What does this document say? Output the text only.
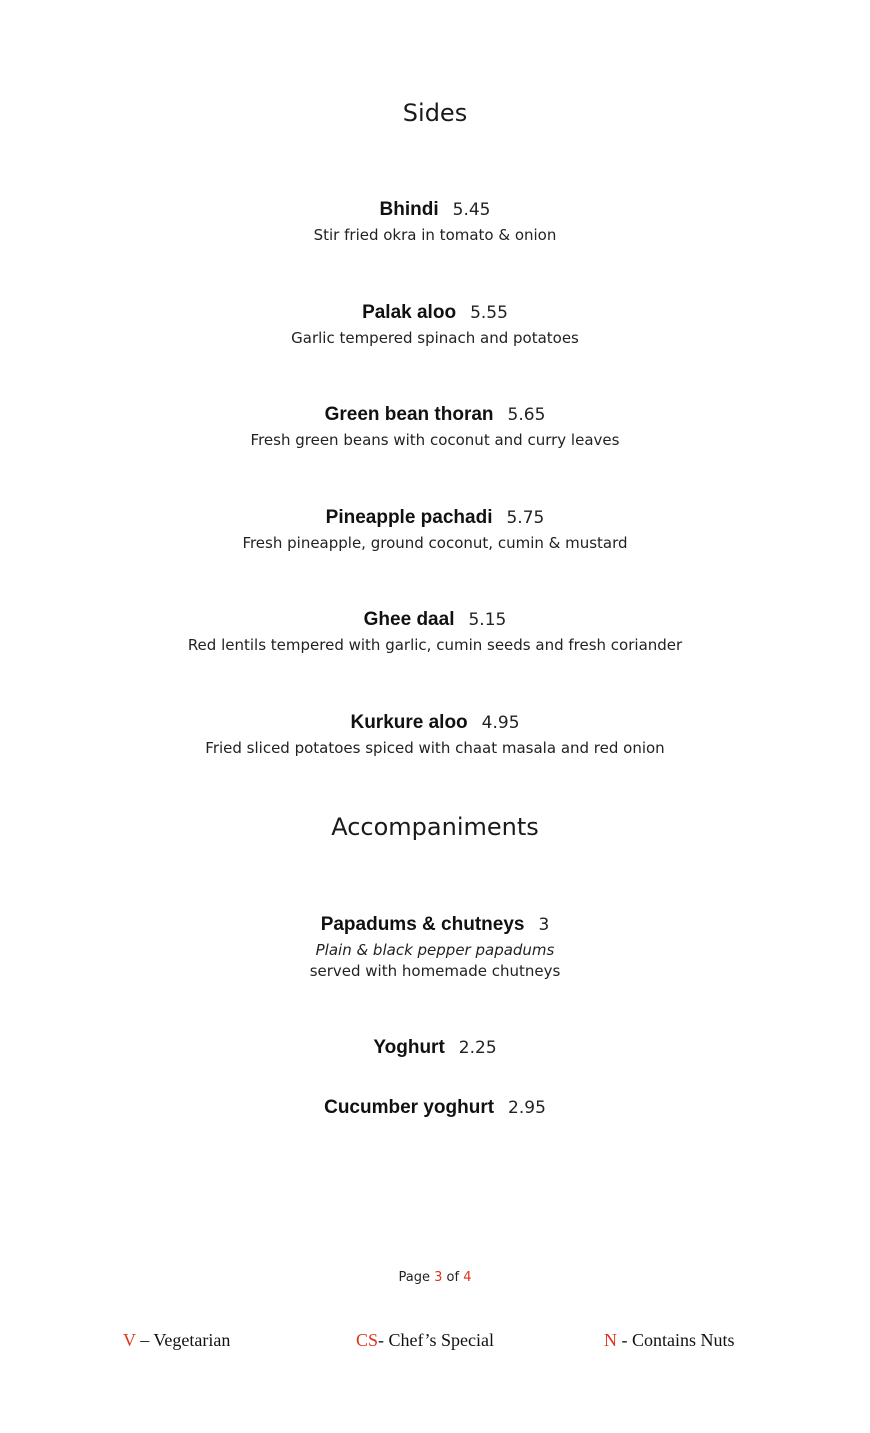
Sides
Bhindi 5.45
Stir fried okra in tomato & onion
Palak aloo 5.55
Garlic tempered spinach and potatoes
Green bean thoran 5.65
Fresh green beans with coconut and curry leaves
Pineapple pachadi 5.75
Fresh pineapple, ground coconut, cumin & mustard
Ghee daal 5.15
Red lentils tempered with garlic, cumin seeds and fresh coriander
Kurkure aloo 4.95
Fried sliced potatoes spiced with chaat masala and red onion
Accompaniments
Papadums & chutneys 3
Plain & black pepper papadums
served with homemade chutneys
Yoghurt 2.25
Cucumber yoghurt 2.95
Page 3 of 4
V – Vegetarian	CS- Chef’s Special	N - Contains Nuts
